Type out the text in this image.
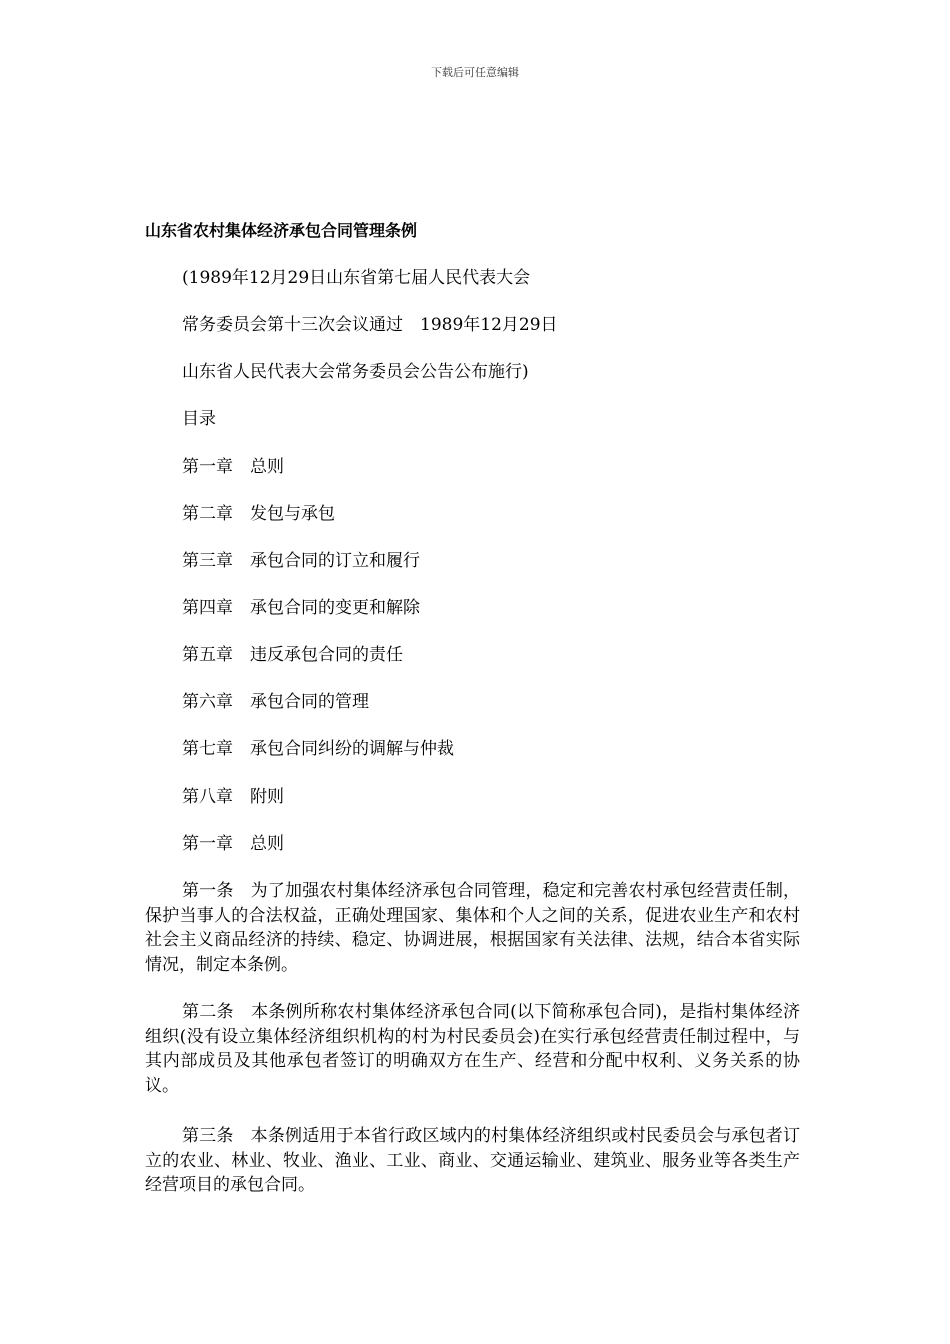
下载后可任意编辑
山东省农村集体经济承包合同管理条例
(1989年12月29日山东省第七届人民代表大会
常务委员会第十三次会议通过　1989年12月29日
山东省人民代表大会常务委员会公告公布施行)
目录
第一章　总则
第二章　发包与承包
第三章　承包合同的订立和履行
第四章　承包合同的变更和解除
第五章　违反承包合同的责任
第六章　承包合同的管理
第七章　承包合同纠纷的调解与仲裁
第八章　附则
第一章　总则
第一条　为了加强农村集体经济承包合同管理，稳定和完善农村承包经营责任制，保护当事人的合法权益，正确处理国家、集体和个人之间的关系，促进农业生产和农村社会主义商品经济的持续、稳定、协调进展，根据国家有关法律、法规，结合本省实际情况，制定本条例。
第二条　本条例所称农村集体经济承包合同(以下简称承包合同)，是指村集体经济组织(没有设立集体经济组织机构的村为村民委员会)在实行承包经营责任制过程中，与其内部成员及其他承包者签订的明确双方在生产、经营和分配中权利、义务关系的协议。
第三条　本条例适用于本省行政区域内的村集体经济组织或村民委员会与承包者订立的农业、林业、牧业、渔业、工业、商业、交通运输业、建筑业、服务业等各类生产经营项目的承包合同。
